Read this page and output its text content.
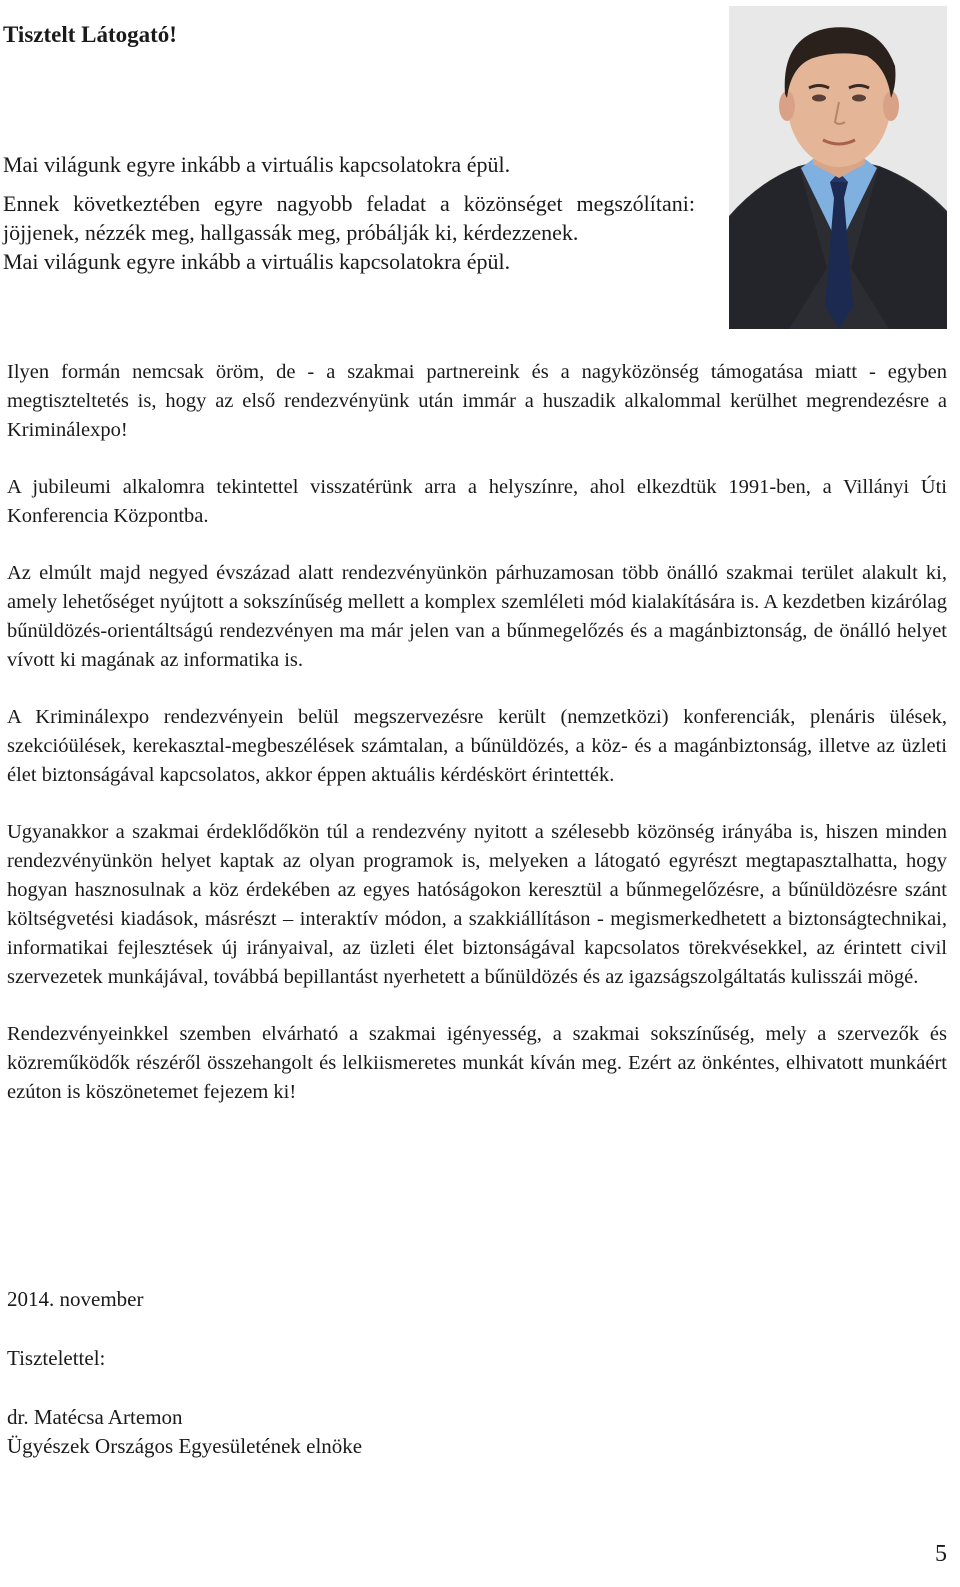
Tisztelt Látogató!

Mai világunk egyre inkább a virtuális kapcsolatokra épül.

Ennek következtében egyre nagyobb feladat a közönséget megszólítani: jöjjenek, nézzék meg, hallgassák meg, próbálják ki, kérdezzenek.

Mai világunk egyre inkább a virtuális kapcsolatokra épül.

Ilyen formán nemcsak öröm, de - a szakmai partnereink és a nagyközönség támogatása miatt - egyben megtiszteltetés is, hogy az első rendezvényünk után immár a huszadik alkalommal kerülhet megrendezésre a Kriminálexpo!

A jubileumi alkalomra tekintettel visszatérünk arra a helyszínre, ahol elkezdtük 1991-ben, a Villányi Úti Konferencia Központba.

Az elmúlt majd negyed évszázad alatt rendezvényünkön párhuzamosan több önálló szakmai terület alakult ki, amely lehetőséget nyújtott a sokszínűség mellett a komplex szemléleti mód kialakítására is. A kezdetben kizárólag bűnüldözés-orientáltságú rendezvényen ma már jelen van a bűnmegelőzés és a magánbiztonság, de önálló helyet vívott ki magának az informatika is.

A Kriminálexpo rendezvényein belül megszervezésre került (nemzetközi) konferenciák, plenáris ülések, szekcióülések, kerekasztal-megbeszélések számtalan, a bűnüldözés, a köz- és a magánbiztonság, illetve az üzleti élet biztonságával kapcsolatos, akkor éppen aktuális kérdéskört érintették.

Ugyanakkor a szakmai érdeklődőkön túl a rendezvény nyitott a szélesebb közönség irányába is, hiszen minden rendezvényünkön helyet kaptak az olyan programok is, melyeken a látogató egyrészt megtapasztalhatta, hogy hogyan hasznosulnak a köz érdekében az egyes hatóságokon keresztül a bűnmegelőzésre, a bűnüldözésre szánt költségvetési kiadások, másrészt – interaktív módon, a szakkiállításon - megismerkedhetett a biztonságtechnikai, informatikai fejlesztések új irányaival, az üzleti élet biztonságával kapcsolatos törekvésekkel, az érintett civil szervezetek munkájával, továbbá bepillantást nyerhetett a bűnüldözés és az igazságszolgáltatás kulisszái mögé.

Rendezvényeinkkel szemben elvárható a szakmai igényesség, a szakmai sokszínűség, mely a szervezők és közreműködők részéről összehangolt és lelkiismeretes munkát kíván meg. Ezért az önkéntes, elhivatott munkáért ezúton is köszönetemet fejezem ki!

2014. november

Tisztelettel:

dr. Matécsa Artemon
Ügyészek Országos Egyesületének elnöke

5
